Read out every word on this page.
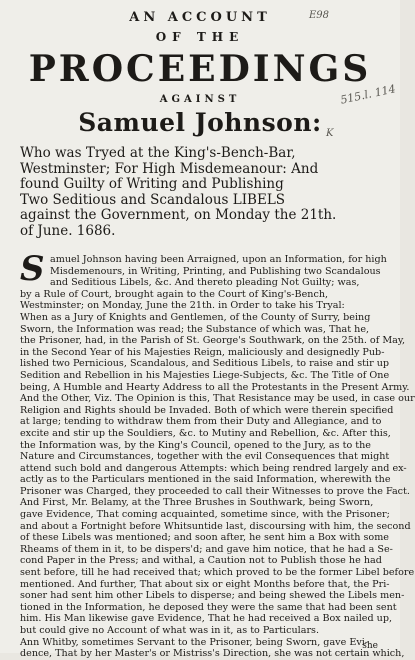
E98
515.l. 114
K
AN ACCOUNT
OF THE
PROCEEDINGS
AGAINST
Samuel Johnson:

Who was Tryed at the King's-Bench-Bar,

Westminster; For High Misdemeanour: And

found Guilty of Writing and Publishing

Two Seditious and Scandalous LIBELS

against the Government, on Monday the 21th.

of June. 1686.

S amuel Johnson having been Arraigned, upon an Information, for high

Misdemenours, in Writing, Printing, and Publishing two Scandalous

and Seditious Libels, &c. And thereto pleading Not Guilty; was,

by a Rule of Court, brought again to the Court of King's-Bench,

Westminster; on Monday, June the 21th. in Order to take his Tryal:

When as a Jury of Knights and Gentlemen, of the County of Surry, being

Sworn, the Information was read; the Substance of which was, That he,

the Prisoner, had, in the Parish of St. George's Southwark, on the 25th. of May,

in the Second Year of his Majesties Reign, maliciously and designedly Pub-

lished two Pernicious, Scandalous, and Seditious Libels, to raise and stir up

Sedition and Rebellion in his Majesties Liege-Subjects, &c. The Title of One

being, A Humble and Hearty Address to all the Protestants in the Present Army.

And the Other, Viz. The Opinion is this, That Resistance may be used, in case our

Religion and Rights should be Invaded. Both of which were therein specified

at large; tending to withdraw them from their Duty and Allegiance, and to

excite and stir up the Souldiers, &c. to Mutiny and Rebellion, &c. After this,

the Information was, by the King's Council, opened to the Jury, as to the

Nature and Circumstances, together with the evil Consequences that might

attend such bold and dangerous Attempts: which being rendred largely and ex-

actly as to the Particulars mentioned in the said Information, wherewith the

Prisoner was Charged, they proceeded to call their Witnesses to prove the Fact.

And First, Mr. Belamy, at the Three Brushes in Southwark, being Sworn,

gave Evidence, That coming acquainted, sometime since, with the Prisoner;

and about a Fortnight before Whitsuntide last, discoursing with him, the second

of these Libels was mentioned; and soon after, he sent him a Box with some

Rheams of them in it, to be dispers'd; and gave him notice, that he had a Se-

cond Paper in the Press; and withal, a Caution not to Publish those he had

sent before, till he had received that; which proved to be the former Libel before

mentioned. And further, That about six or eight Months before that, the Pri-

soner had sent him other Libels to disperse; and being shewed the Libels men-

tioned in the Information, he deposed they were the same that had been sent

him. His Man likewise gave Evidence, That he had received a Box nailed up,

but could give no Account of what was in it, as to Particulars.

Ann Whitby, sometimes Servant to the Prisoner, being Sworn, gave Evi-

dence, That by her Master's or Mistriss's Direction, she was not certain which,

she
